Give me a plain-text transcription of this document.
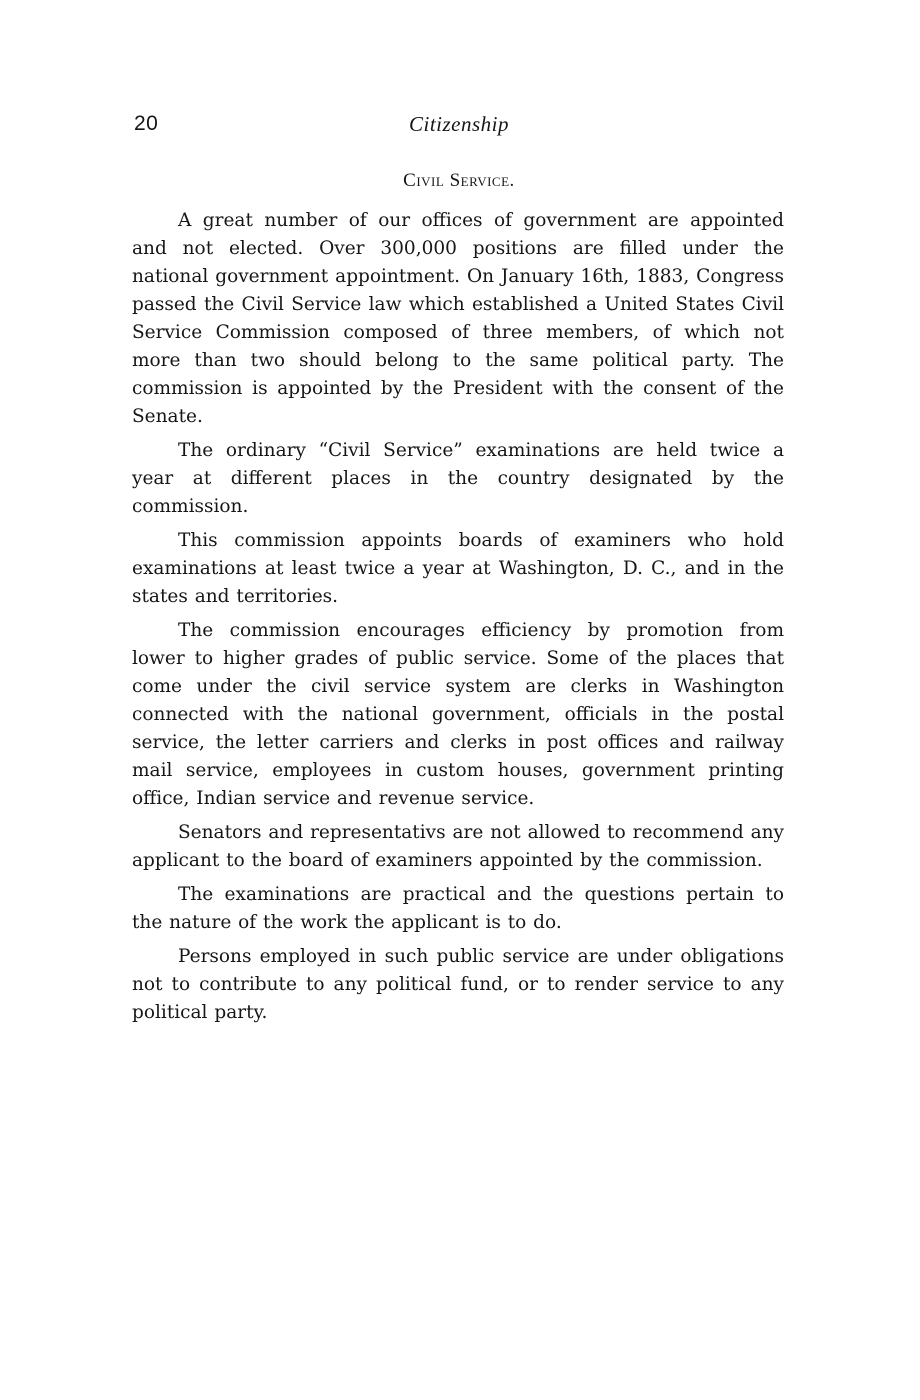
20	Citizenship
Civil Service.

A great number of our offices of government are appointed and not elected. Over 300,000 positions are filled under the national government appointment. On January 16th, 1883, Congress passed the Civil Service law which established a United States Civil Service Commission composed of three members, of which not more than two should belong to the same political party. The commission is appointed by the President with the consent of the Senate.

The ordinary “Civil Service” examinations are held twice a year at different places in the country designated by the commission.

This commission appoints boards of examiners who hold examinations at least twice a year at Washington, D. C., and in the states and territories.

The commission encourages efficiency by promotion from lower to higher grades of public service. Some of the places that come under the civil service system are clerks in Washington connected with the national government, officials in the postal service, the letter carriers and clerks in post offices and railway mail service, employees in custom houses, government printing office, Indian service and revenue service.

Senators and representativs are not allowed to recommend any applicant to the board of examiners appointed by the commission.

The examinations are practical and the questions pertain to the nature of the work the applicant is to do.

Persons employed in such public service are under obligations not to contribute to any political fund, or to render service to any political party.
